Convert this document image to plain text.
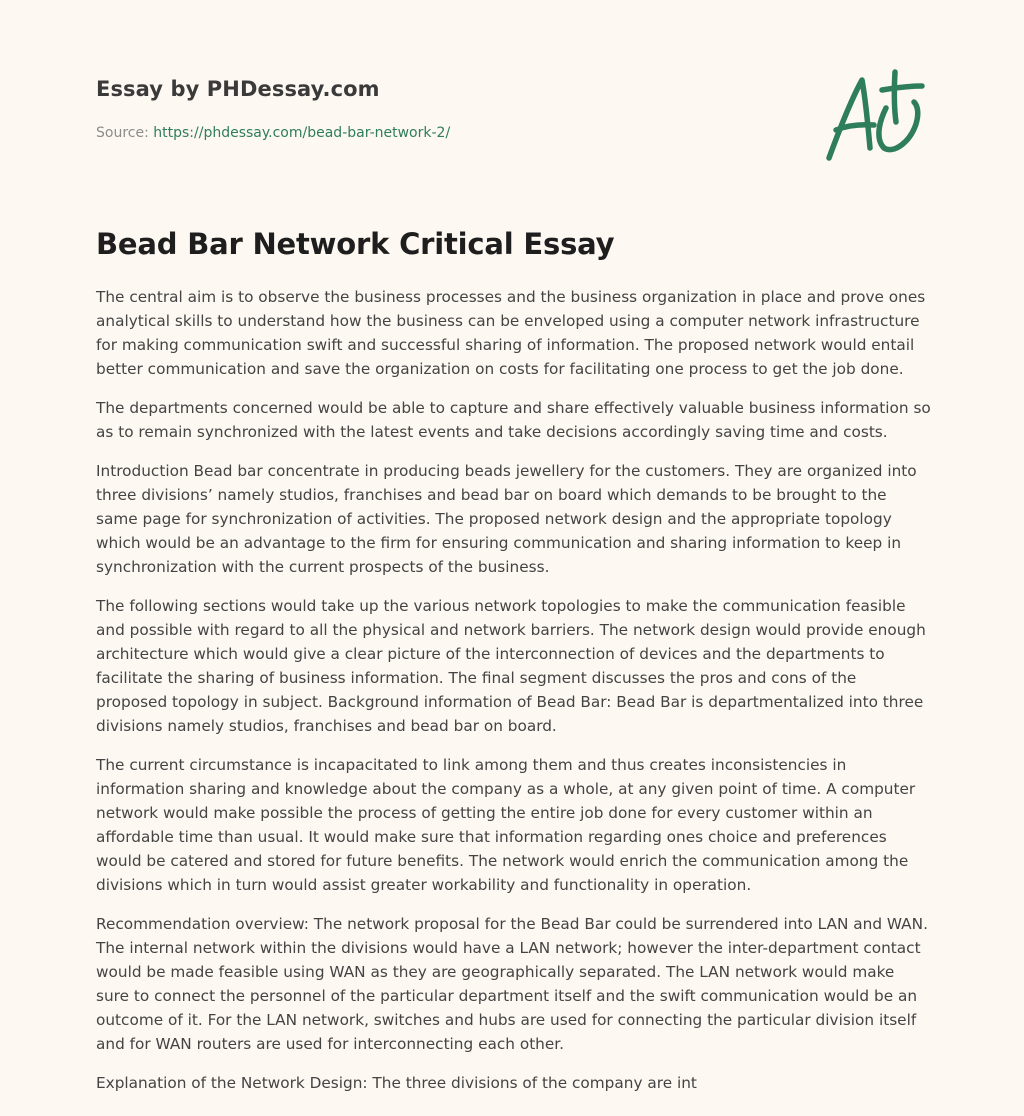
Essay by PHDessay.com
Source: https://phdessay.com/bead-bar-network-2/
Bead Bar Network Critical Essay

The central aim is to observe the business processes and the business organization in place and prove ones analytical skills to understand how the business can be enveloped using a computer network infrastructure for making communication swift and successful sharing of information. The proposed network would entail better communication and save the organization on costs for facilitating one process to get the job done.

The departments concerned would be able to capture and share effectively valuable business information so as to remain synchronized with the latest events and take decisions accordingly saving time and costs.

Introduction Bead bar concentrate in producing beads jewellery for the customers. They are organized into three divisions’ namely studios, franchises and bead bar on board which demands to be brought to the same page for synchronization of activities. The proposed network design and the appropriate topology which would be an advantage to the firm for ensuring communication and sharing information to keep in synchronization with the current prospects of the business.

The following sections would take up the various network topologies to make the communication feasible and possible with regard to all the physical and network barriers. The network design would provide enough architecture which would give a clear picture of the interconnection of devices and the departments to facilitate the sharing of business information. The final segment discusses the pros and cons of the proposed topology in subject. Background information of Bead Bar: Bead Bar is departmentalized into three divisions namely studios, franchises and bead bar on board.

The current circumstance is incapacitated to link among them and thus creates inconsistencies in information sharing and knowledge about the company as a whole, at any given point of time. A computer network would make possible the process of getting the entire job done for every customer within an affordable time than usual. It would make sure that information regarding ones choice and preferences would be catered and stored for future benefits. The network would enrich the communication among the divisions which in turn would assist greater workability and functionality in operation.

Recommendation overview: The network proposal for the Bead Bar could be surrendered into LAN and WAN. The internal network within the divisions would have a LAN network; however the inter-department contact would be made feasible using WAN as they are geographically separated. The LAN network would make sure to connect the personnel of the particular department itself and the swift communication would be an outcome of it. For the LAN network, switches and hubs are used for connecting the particular division itself and for WAN routers are used for interconnecting each other.

Explanation of the Network Design: The three divisions of the company are int
